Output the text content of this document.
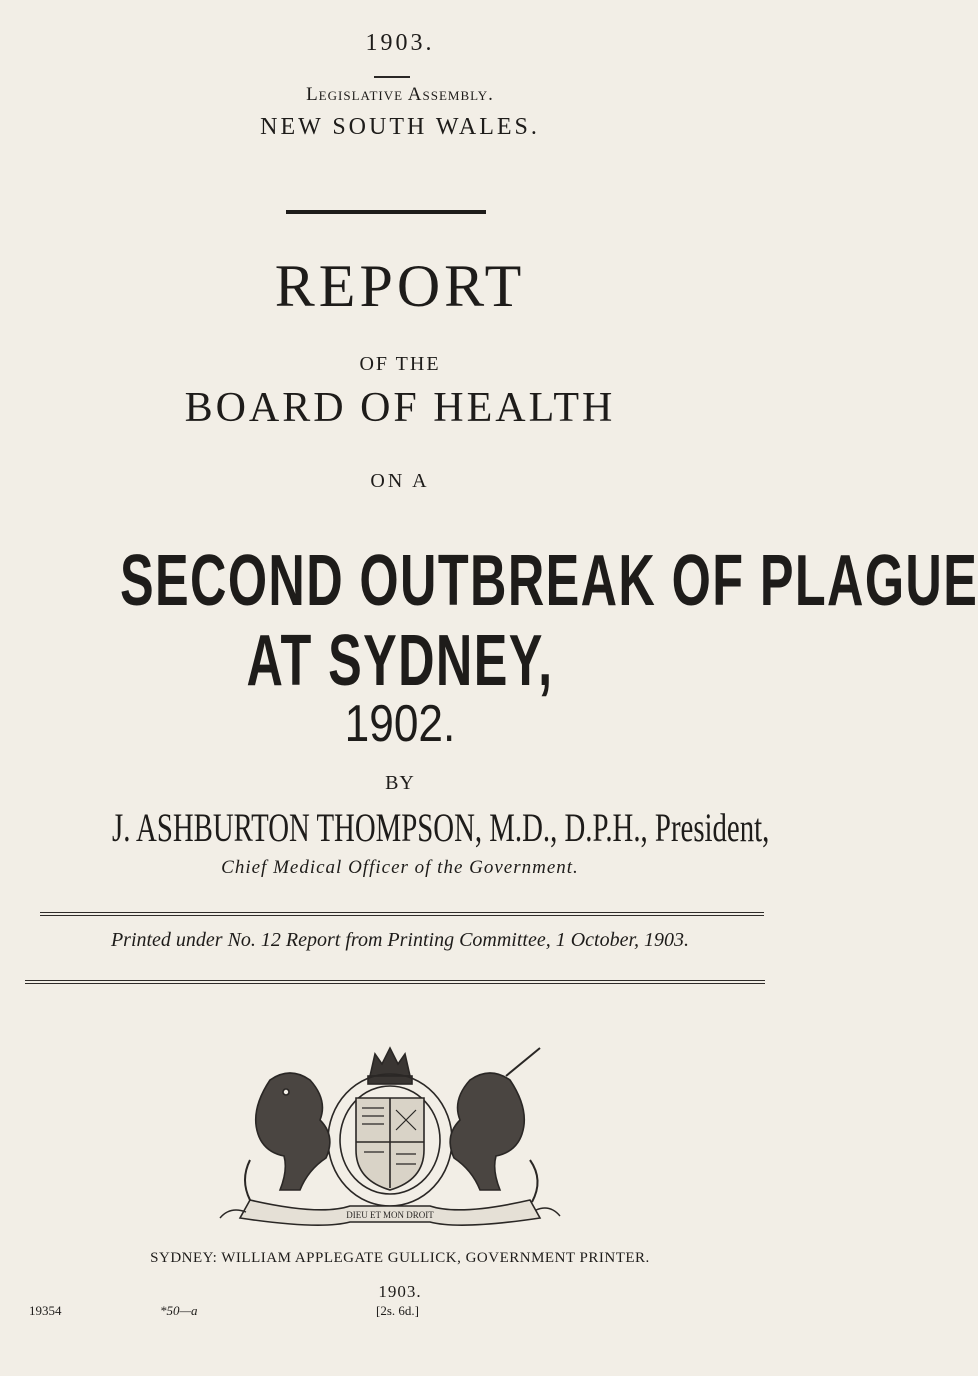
1903.
Legislative Assembly.
NEW SOUTH WALES.
REPORT
OF THE
BOARD OF HEALTH
ON A
SECOND OUTBREAK OF PLAGUE
AT SYDNEY,
1902.
BY
J. ASHBURTON THOMPSON, M.D., D.P.H., President,
Chief Medical Officer of the Government.
Printed under No. 12 Report from Printing Committee, 1 October, 1903.
DIEU ET MON DROIT
SYDNEY: WILLIAM APPLEGATE GULLICK, GOVERNMENT PRINTER.
1903.
19354	*50—a	[2s. 6d.]
